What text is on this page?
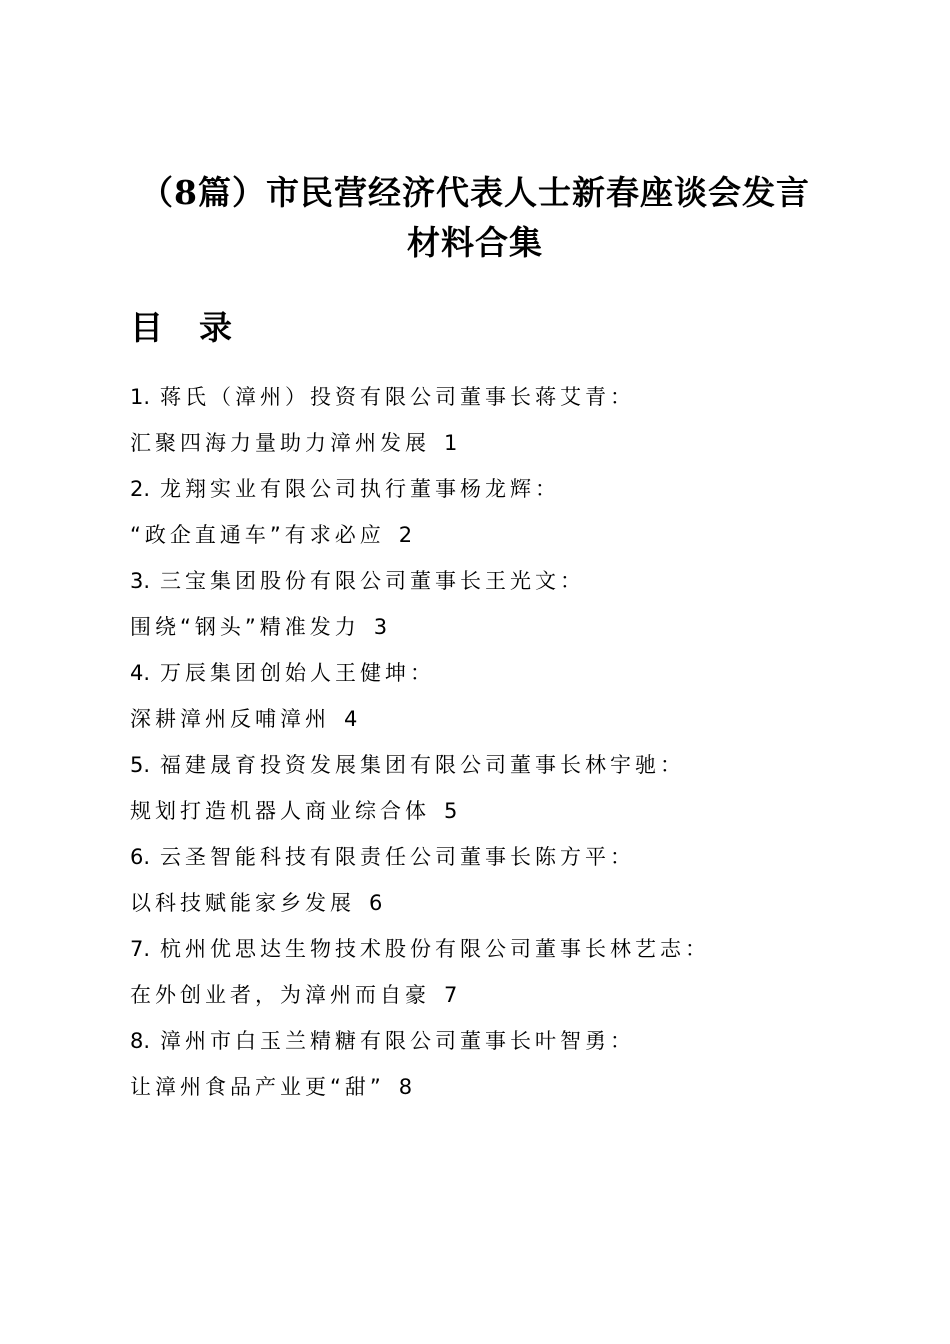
（8篇）市民营经济代表人士新春座谈会发言
材料合集
目录
1. 蒋氏（漳州）投资有限公司董事长蒋艾青：
汇聚四海力量助力漳州发展 1
2. 龙翔实业有限公司执行董事杨龙辉：
“政企直通车”有求必应 2
3. 三宝集团股份有限公司董事长王光文：
围绕“钢头”精准发力 3
4. 万辰集团创始人王健坤：
深耕漳州反哺漳州 4
5. 福建晟育投资发展集团有限公司董事长林宇驰：
规划打造机器人商业综合体 5
6. 云圣智能科技有限责任公司董事长陈方平：
以科技赋能家乡发展 6
7. 杭州优思达生物技术股份有限公司董事长林艺志：
在外创业者，为漳州而自豪 7
8. 漳州市白玉兰精糖有限公司董事长叶智勇：
让漳州食品产业更“甜” 8
